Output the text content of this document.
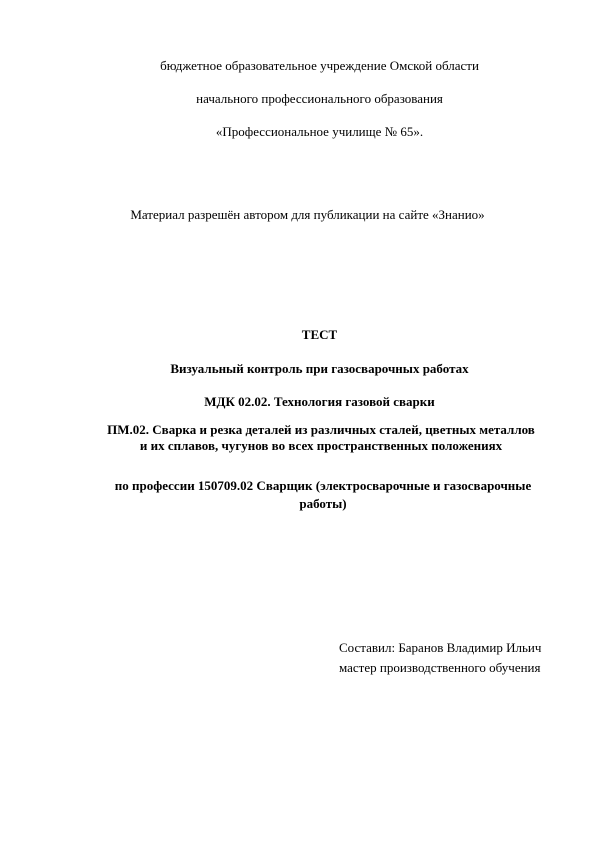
бюджетное образовательное учреждение Омской области
начального профессионального образования
«Профессиональное училище № 65».
Материал разрешён автором для публикации на сайте «Знанио»
ТЕСТ
Визуальный контроль при газосварочных работах
МДК 02.02. Технология газовой сварки
ПМ.02. Сварка и резка деталей из различных сталей, цветных металлов
и их сплавов, чугунов во всех пространственных положениях
по профессии 150709.02 Сварщик (электросварочные и газосварочные
работы)
Составил: Баранов Владимир Ильич
мастер производственного обучения
